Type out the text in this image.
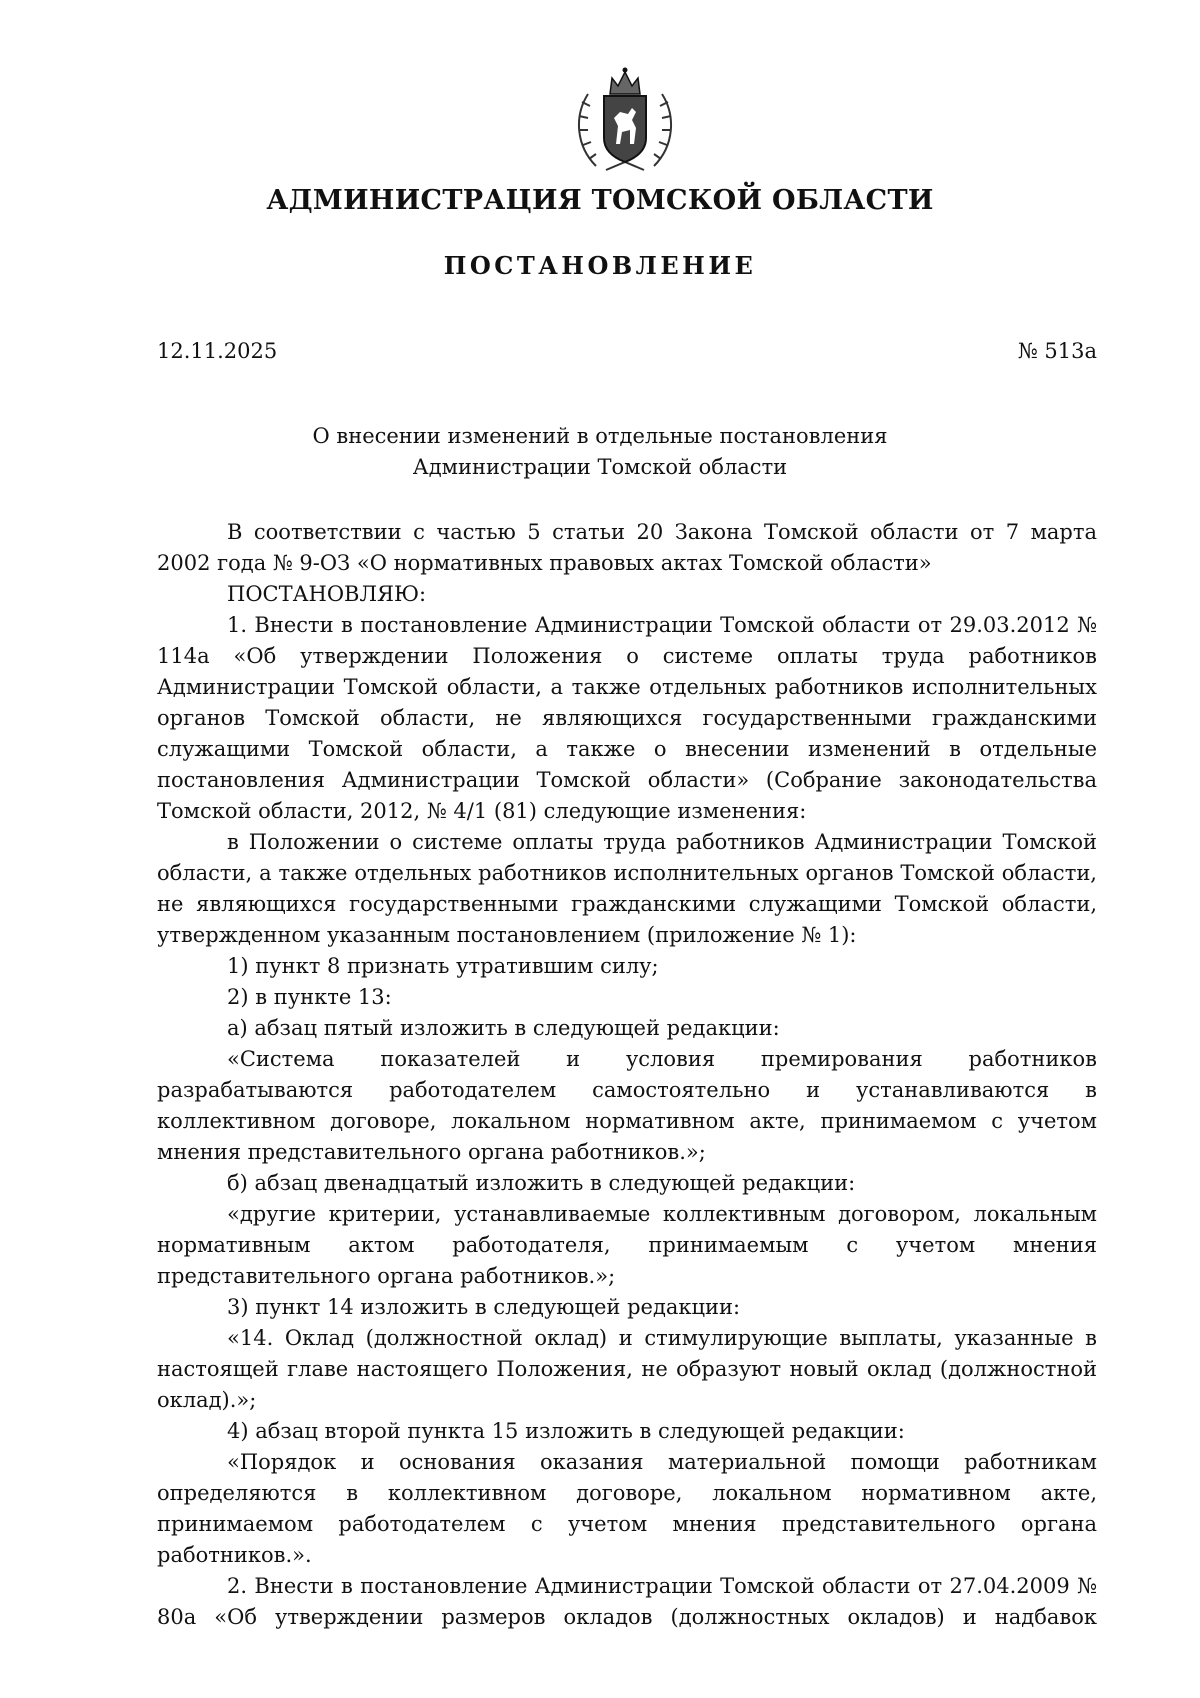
АДМИНИСТРАЦИЯ ТОМСКОЙ ОБЛАСТИ
ПОСТАНОВЛЕНИЕ
12.11.2025	№ 513а
О внесении изменений в отдельные постановления
Администрации Томской области

В соответствии с частью 5 статьи 20 Закона Томской области от 7 марта 2002 года № 9-ОЗ «О нормативных правовых актах Томской области»

ПОСТАНОВЛЯЮ:

1. Внести в постановление Администрации Томской области от 29.03.2012 № 114а «Об утверждении Положения о системе оплаты труда работников Администрации Томской области, а также отдельных работников исполнительных органов Томской области, не являющихся государственными гражданскими служащими Томской области, а также о внесении изменений в отдельные постановления Администрации Томской области» (Собрание законодательства Томской области, 2012, № 4/1 (81) следующие изменения:

в Положении о системе оплаты труда работников Администрации Томской области, а также отдельных работников исполнительных органов Томской области, не являющихся государственными гражданскими служащими Томской области, утвержденном указанным постановлением (приложение № 1):

1) пункт 8 признать утратившим силу;

2) в пункте 13:

а) абзац пятый изложить в следующей редакции:

«Система показателей и условия премирования работников разрабатываются работодателем самостоятельно и устанавливаются в коллективном договоре, локальном нормативном акте, принимаемом с учетом мнения представительного органа работников.»;

б) абзац двенадцатый изложить в следующей редакции:

«другие критерии, устанавливаемые коллективным договором, локальным нормативным актом работодателя, принимаемым с учетом мнения представительного органа работников.»;

3) пункт 14 изложить в следующей редакции:

«14. Оклад (должностной оклад) и стимулирующие выплаты, указанные в настоящей главе настоящего Положения, не образуют новый оклад (должностной оклад).»;

4) абзац второй пункта 15 изложить в следующей редакции:

«Порядок и основания оказания материальной помощи работникам определяются в коллективном договоре, локальном нормативном акте, принимаемом работодателем с учетом мнения представительного органа работников.».

2. Внести в постановление Администрации Томской области от 27.04.2009 № 80а «Об утверждении размеров окладов (должностных окладов) и надбавок
